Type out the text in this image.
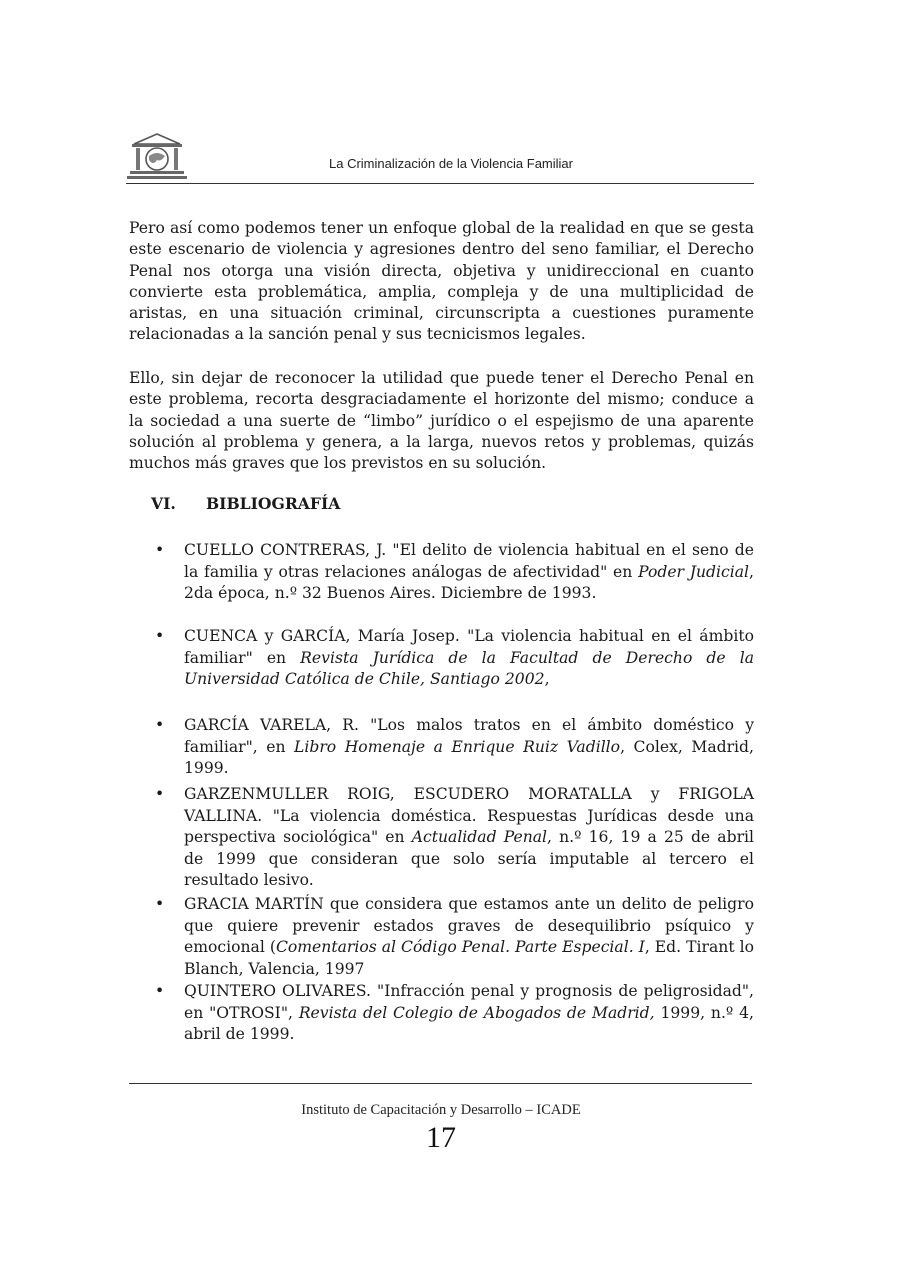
La Criminalización de la Violencia Familiar
Pero así como podemos tener un enfoque global de la realidad en que se gesta este escenario de violencia y agresiones dentro del seno familiar, el Derecho Penal nos otorga una visión directa, objetiva y unidireccional en cuanto convierte esta problemática, amplia, compleja y de una multiplicidad de aristas, en una situación criminal, circunscripta a cuestiones puramente relacionadas a la sanción penal y sus tecnicismos legales.
Ello, sin dejar de reconocer la utilidad que puede tener el Derecho Penal en este problema, recorta desgraciadamente el horizonte del mismo; conduce a la sociedad a una suerte de “limbo” jurídico o el espejismo de una aparente solución al problema y genera, a la larga, nuevos retos y problemas, quizás muchos más graves que los previstos en su solución.
VI. BIBLIOGRAFÍA
•	CUELLO CONTRERAS, J. "El delito de violencia habitual en el seno de la familia y otras relaciones análogas de afectividad" en Poder Judicial, 2da época, n.º 32 Buenos Aires. Diciembre de 1993.
•	CUENCA y GARCÍA, María Josep. "La violencia habitual en el ámbito familiar" en Revista Jurídica de la Facultad de Derecho de la Universidad Católica de Chile, Santiago 2002,
•	GARCÍA VARELA, R. "Los malos tratos en el ámbito doméstico y familiar", en Libro Homenaje a Enrique Ruiz Vadillo, Colex, Madrid, 1999.
•	GARZENMULLER ROIG, ESCUDERO MORATALLA y FRIGOLA VALLINA. "La violencia doméstica. Respuestas Jurídicas desde una perspectiva sociológica" en Actualidad Penal, n.º 16, 19 a 25 de abril de 1999 que consideran que solo sería imputable al tercero el resultado lesivo.
•	GRACIA MARTÍN que considera que estamos ante un delito de peligro que quiere prevenir estados graves de desequilibrio psíquico y emocional (Comentarios al Código Penal. Parte Especial. I, Ed. Tirant lo Blanch, Valencia, 1997
•	QUINTERO OLIVARES. "Infracción penal y prognosis de peligrosidad", en "OTROSI", Revista del Colegio de Abogados de Madrid, 1999, n.º 4, abril de 1999.
Instituto de Capacitación y Desarrollo – ICADE
17
